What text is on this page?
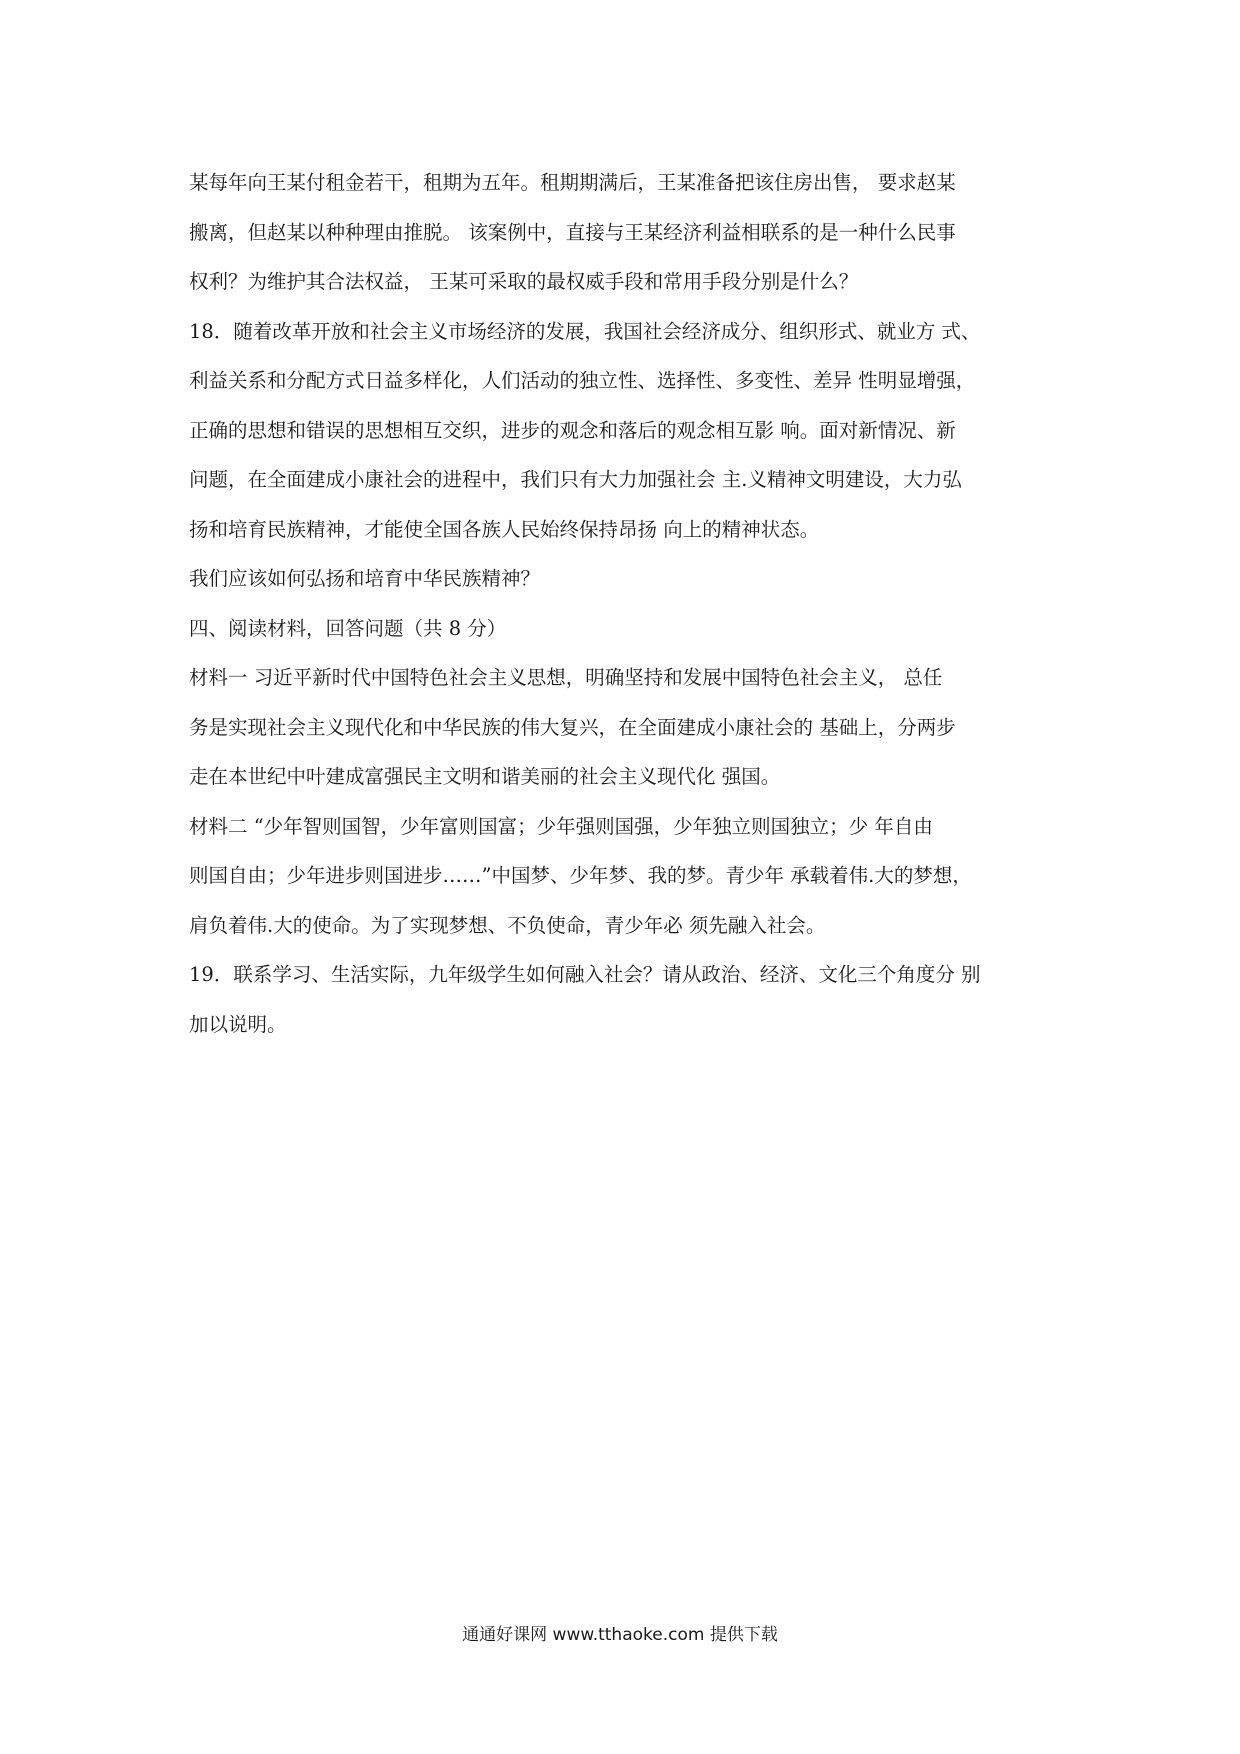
某每年向王某付租金若干，租期为五年。租期期满后，王某准备把该住房出售， 要求赵某
搬离，但赵某以种种理由推脱。 该案例中，直接与王某经济利益相联系的是一种什么民事
权利？为维护其合法权益， 王某可采取的最权威手段和常用手段分别是什么？
18．随着改革开放和社会主义市场经济的发展，我国社会经济成分、组织形式、就业方 式、
利益关系和分配方式日益多样化，人们活动的独立性、选择性、多变性、差异 性明显增强，
正确的思想和错误的思想相互交织，进步的观念和落后的观念相互影 响。面对新情况、新
问题，在全面建成小康社会的进程中，我们只有大力加强社会 主.义精神文明建设，大力弘
扬和培育民族精神，才能使全国各族人民始终保持昂扬 向上的精神状态。
我们应该如何弘扬和培育中华民族精神？
四、阅读材料，回答问题（共 8 分）
材料一 习近平新时代中国特色社会主义思想，明确坚持和发展中国特色社会主义， 总任
务是实现社会主义现代化和中华民族的伟大复兴，在全面建成小康社会的 基础上，分两步
走在本世纪中叶建成富强民主文明和谐美丽的社会主义现代化 强国。
材料二 “少年智则国智，少年富则国富；少年强则国强，少年独立则国独立；少 年自由
则国自由；少年进步则国进步……”中国梦、少年梦、我的梦。青少年 承载着伟.大的梦想，
肩负着伟.大的使命。为了实现梦想、不负使命，青少年必 须先融入社会。
19．联系学习、生活实际，九年级学生如何融入社会？请从政治、经济、文化三个角度分 别
加以说明。
通通好课网 www.tthaoke.com 提供下载
